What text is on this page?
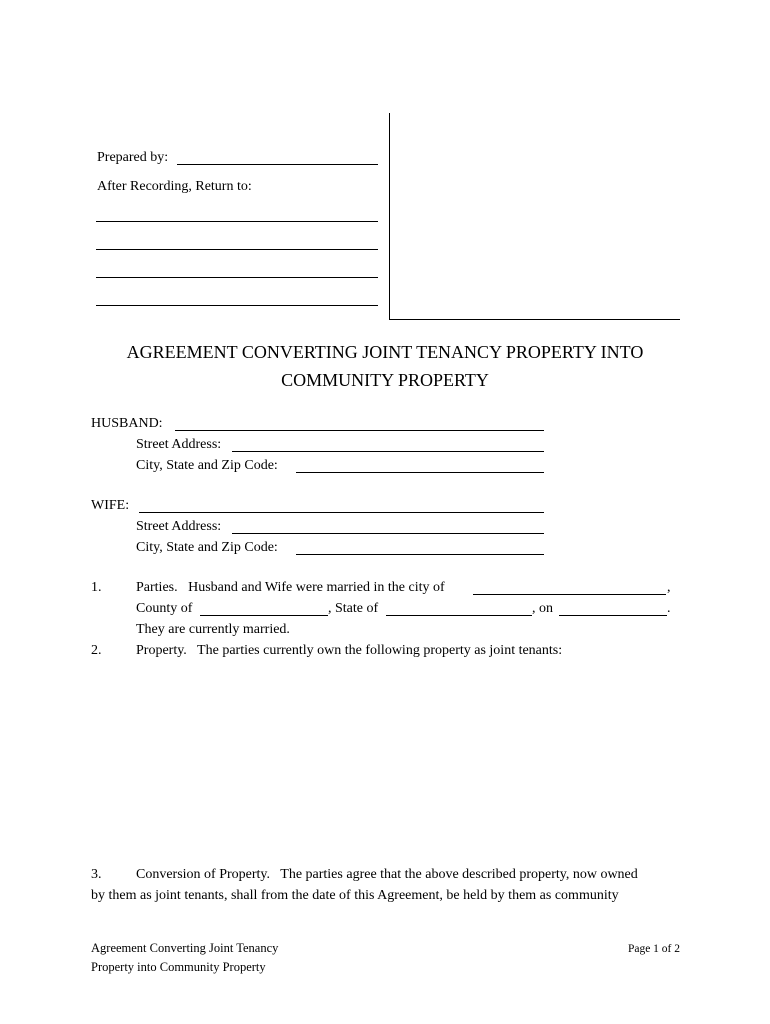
Prepared by:
After Recording, Return to:
AGREEMENT CONVERTING JOINT TENANCY PROPERTY INTO
COMMUNITY PROPERTY
HUSBAND:
Street Address:
City, State and Zip Code:
WIFE:
Street Address:
City, State and Zip Code:
1. Parties.   Husband and Wife were married in the city of	,
County of	, State of	, on	.
They are currently married.
2. Property.   The parties currently own the following property as joint tenants:
3. Conversion of Property.   The parties agree that the above described property, now owned
by them as joint tenants, shall from the date of this Agreement, be held by them as community
Agreement Converting Joint Tenancy
Property into Community Property
Page 1 of 2
